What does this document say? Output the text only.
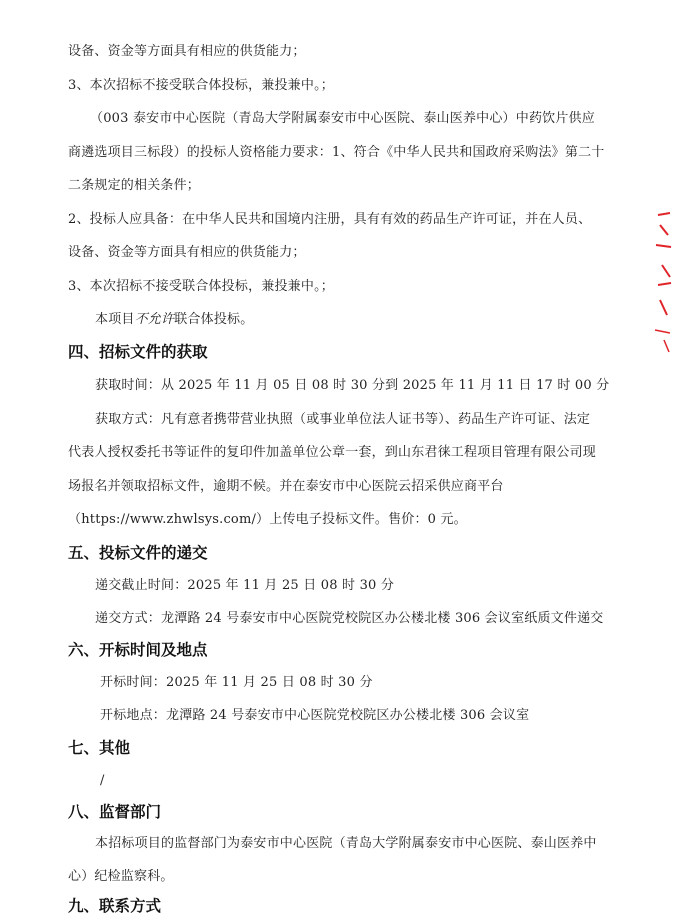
设备、资金等方面具有相应的供货能力；
3、本次招标不接受联合体投标，兼投兼中。；
（003 泰安市中心医院（青岛大学附属泰安市中心医院、泰山医养中心）中药饮片供应
商遴选项目三标段）的投标人资格能力要求：1、符合《中华人民共和国政府采购法》第二十
二条规定的相关条件；
2、投标人应具备：在中华人民共和国境内注册，具有有效的药品生产许可证，并在人员、
设备、资金等方面具有相应的供货能力；
3、本次招标不接受联合体投标，兼投兼中。；
本项目不允许联合体投标。
四、招标文件的获取
获取时间：从 2025 年 11 月 05 日 08 时 30 分到 2025 年 11 月 11 日 17 时 00 分
获取方式：凡有意者携带营业执照（或事业单位法人证书等）、药品生产许可证、法定
代表人授权委托书等证件的复印件加盖单位公章一套，到山东君徕工程项目管理有限公司现
场报名并领取招标文件，逾期不候。并在泰安市中心医院云招采供应商平台
（https://www.zhwlsys.com/）上传电子投标文件。售价：0 元。
五、投标文件的递交
递交截止时间：2025 年 11 月 25 日 08 时 30 分
递交方式：龙潭路 24 号泰安市中心医院党校院区办公楼北楼 306 会议室纸质文件递交
六、开标时间及地点
开标时间：2025 年 11 月 25 日 08 时 30 分
开标地点：龙潭路 24 号泰安市中心医院党校院区办公楼北楼 306 会议室
七、其他
/
八、监督部门
本招标项目的监督部门为泰安市中心医院（青岛大学附属泰安市中心医院、泰山医养中
心）纪检监察科。
九、联系方式
